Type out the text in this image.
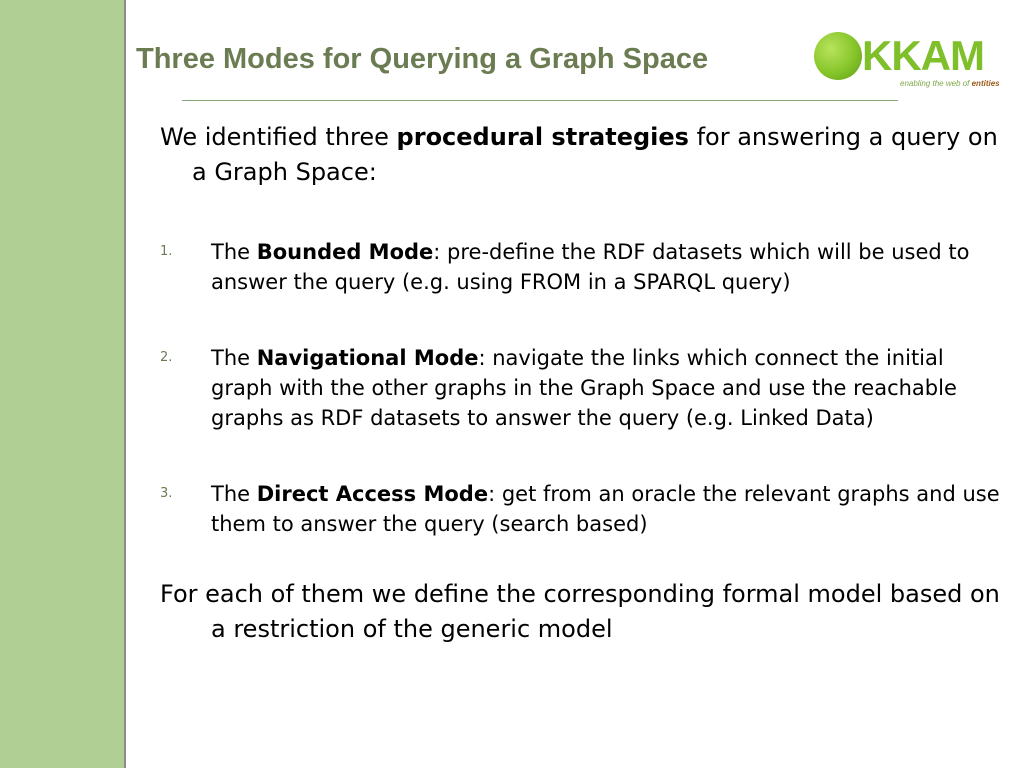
Three Modes for Querying a Graph Space	KKAM
enabling the web of entities

We identified three procedural strategies for answering a query on a Graph Space:

1. The Bounded Mode: pre-define the RDF datasets which will be used to answer the query (e.g. using FROM in a SPARQL query)
2. The Navigational Mode: navigate the links which connect the initial graph with the other graphs in the Graph Space and use the reachable graphs as RDF datasets to answer the query (e.g. Linked Data)
3. The Direct Access Mode: get from an oracle the relevant graphs and use them to answer the query (search based)

For each of them we define the corresponding formal model based on a restriction of the generic model
